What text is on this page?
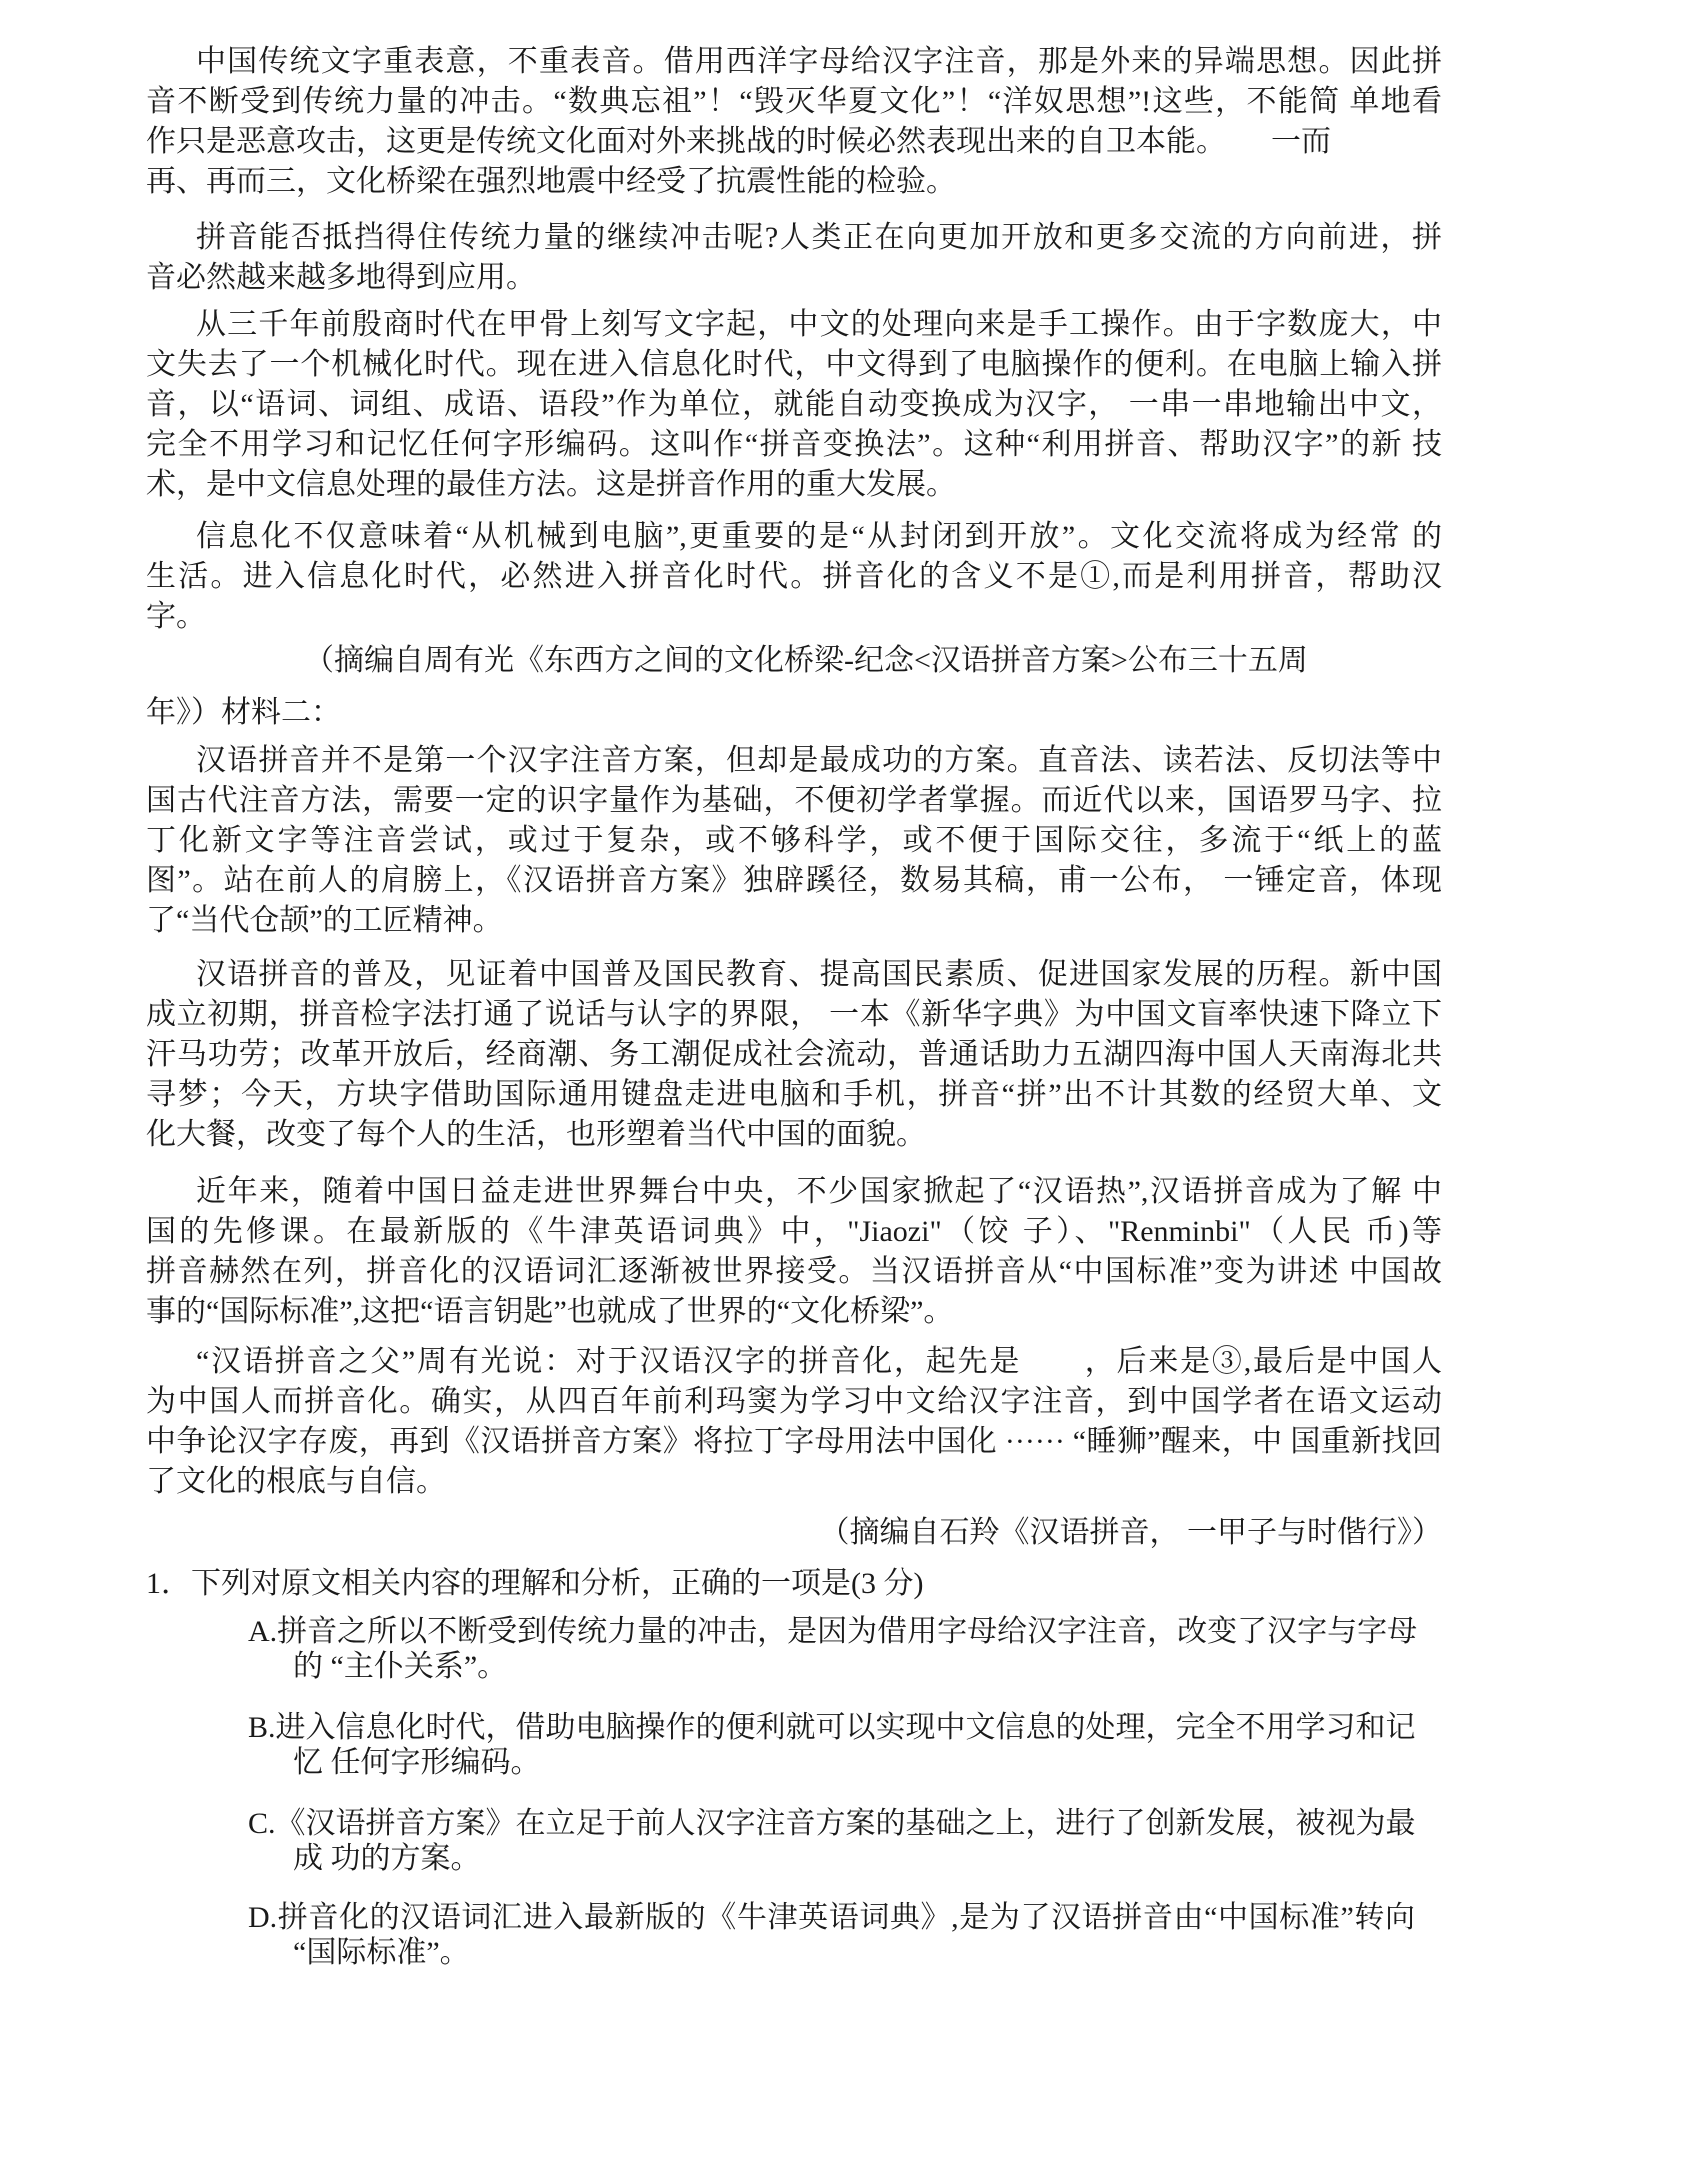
中国传统文字重表意，不重表音。借用西洋字母给汉字注音，那是外来的异端思想。因此拼
音不断受到传统力量的冲击。“数典忘祖”！“毁灭华夏文化”！“洋奴思想”!这些，不能简 单地看
作只是恶意攻击，这更是传统文化面对外来挑战的时候必然表现出来的自卫本能。　　一而
再、再而三，文化桥梁在强烈地震中经受了抗震性能的检验。
拼音能否抵挡得住传统力量的继续冲击呢?人类正在向更加开放和更多交流的方向前进，拼
音必然越来越多地得到应用。
从三千年前殷商时代在甲骨上刻写文字起，中文的处理向来是手工操作。由于字数庞大，中
文失去了一个机械化时代。现在进入信息化时代，中文得到了电脑操作的便利。在电脑上输入拼
音，以“语词、词组、成语、语段”作为单位，就能自动变换成为汉字， 一串一串地输出中文，
完全不用学习和记忆任何字形编码。这叫作“拼音变换法”。这种“利用拼音、帮助汉字”的新 技
术，是中文信息处理的最佳方法。这是拼音作用的重大发展。
信息化不仅意味着“从机械到电脑”,更重要的是“从封闭到开放”。文化交流将成为经常 的
生活。进入信息化时代，必然进入拼音化时代。拼音化的含义不是①,而是利用拼音，帮助汉
字。
（摘编自周有光《东西方之间的文化桥梁-纪念<汉语拼音方案>公布三十五周
年》）材料二：
汉语拼音并不是第一个汉字注音方案，但却是最成功的方案。直音法、读若法、反切法等中
国古代注音方法，需要一定的识字量作为基础，不便初学者掌握。而近代以来，国语罗马字、拉
丁化新文字等注音尝试，或过于复杂，或不够科学，或不便于国际交往，多流于“纸上的蓝
图”。站在前人的肩膀上，《汉语拼音方案》独辟蹊径，数易其稿，甫一公布， 一锤定音，体现
了“当代仓颉”的工匠精神。
汉语拼音的普及，见证着中国普及国民教育、提高国民素质、促进国家发展的历程。新中国
成立初期，拼音检字法打通了说话与认字的界限， 一本《新华字典》为中国文盲率快速下降立下
汗马功劳；改革开放后，经商潮、务工潮促成社会流动，普通话助力五湖四海中国人天南海北共
寻梦；今天，方块字借助国际通用键盘走进电脑和手机，拼音“拼”出不计其数的经贸大单、文
化大餐，改变了每个人的生活，也形塑着当代中国的面貌。
近年来，随着中国日益走进世界舞台中央，不少国家掀起了“汉语热”,汉语拼音成为了解 中
国的先修课。在最新版的《牛津英语词典》中，"Jiaozi"（饺 子）、"Renminbi"（人民 币)等
拼音赫然在列，拼音化的汉语词汇逐渐被世界接受。当汉语拼音从“中国标准”变为讲述 中国故
事的“国际标准”,这把“语言钥匙”也就成了世界的“文化桥梁”。
“汉语拼音之父”周有光说：对于汉语汉字的拼音化，起先是　　，后来是③,最后是中国人
为中国人而拼音化。确实，从四百年前利玛窦为学习中文给汉字注音，到中国学者在语文运动
中争论汉字存废，再到《汉语拼音方案》将拉丁字母用法中国化 ······ “睡狮”醒来，中 国重新找回
了文化的根底与自信。
（摘编自石羚《汉语拼音， 一甲子与时偕行》）
1．下列对原文相关内容的理解和分析，正确的一项是(3 分)
A.拼音之所以不断受到传统力量的冲击，是因为借用字母给汉字注音，改变了汉字与字母
的 “主仆关系”。
B.进入信息化时代，借助电脑操作的便利就可以实现中文信息的处理，完全不用学习和记
忆 任何字形编码。
C.《汉语拼音方案》在立足于前人汉字注音方案的基础之上，进行了创新发展，被视为最
成 功的方案。
D.拼音化的汉语词汇进入最新版的《牛津英语词典》,是为了汉语拼音由“中国标准”转向
“国际标准”。
